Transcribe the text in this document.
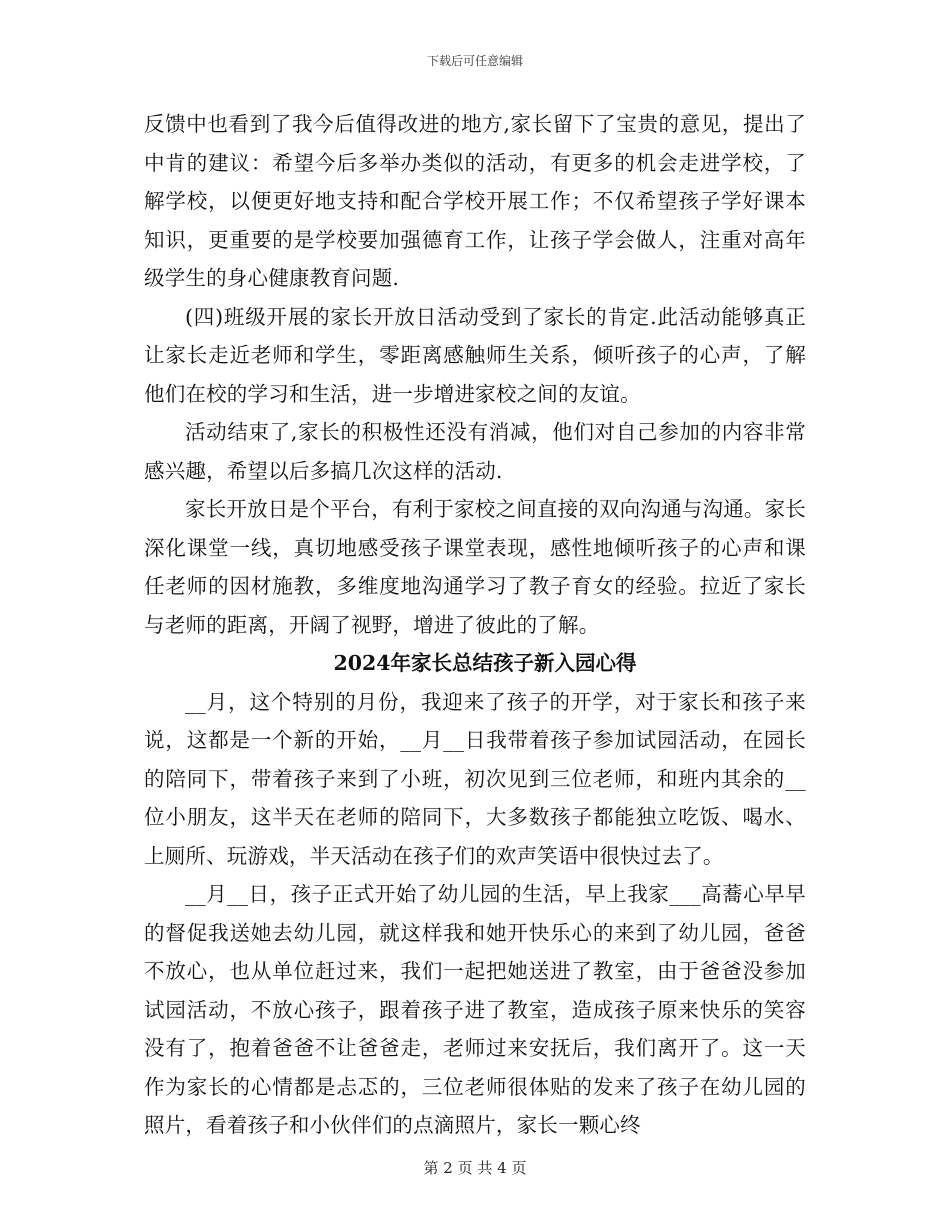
下载后可任意编辑

反馈中也看到了我今后值得改进的地方,家长留下了宝贵的意见，提出了中肯的建议：希望今后多举办类似的活动，有更多的机会走进学校，了解学校，以便更好地支持和配合学校开展工作；不仅希望孩子学好课本知识，更重要的是学校要加强德育工作，让孩子学会做人，注重对高年级学生的身心健康教育问题.

(四)班级开展的家长开放日活动受到了家长的肯定.此活动能够真正让家长走近老师和学生，零距离感触师生关系，倾听孩子的心声，了解他们在校的学习和生活，进一步增进家校之间的友谊。

活动结束了,家长的积极性还没有消减，他们对自己参加的内容非常感兴趣，希望以后多搞几次这样的活动.

家长开放日是个平台，有利于家校之间直接的双向沟通与沟通。家长深化课堂一线，真切地感受孩子课堂表现，感性地倾听孩子的心声和课任老师的因材施教，多维度地沟通学习了教子育女的经验。拉近了家长与老师的距离，开阔了视野，增进了彼此的了解。

2024年家长总结孩子新入园心得

__月，这个特别的月份，我迎来了孩子的开学，对于家长和孩子来说，这都是一个新的开始，__月__日我带着孩子参加试园活动，在园长的陪同下，带着孩子来到了小班，初次见到三位老师，和班内其余的__位小朋友，这半天在老师的陪同下，大多数孩子都能独立吃饭、喝水、上厕所、玩游戏，半天活动在孩子们的欢声笑语中很快过去了。

__月__日，孩子正式开始了幼儿园的生活，早上我家___高蕎心早早的督促我送她去幼儿园，就这样我和她开快乐心的来到了幼儿园，爸爸不放心，也从单位赶过来，我们一起把她送进了教室，由于爸爸没参加试园活动，不放心孩子，跟着孩子进了教室，造成孩子原来快乐的笑容没有了，抱着爸爸不让爸爸走，老师过来安抚后，我们离开了。这一天作为家长的心情都是忐忑的，三位老师很体贴的发来了孩子在幼儿园的照片，看着孩子和小伙伴们的点滴照片，家长一颗心终

第 2 页 共 4 页
